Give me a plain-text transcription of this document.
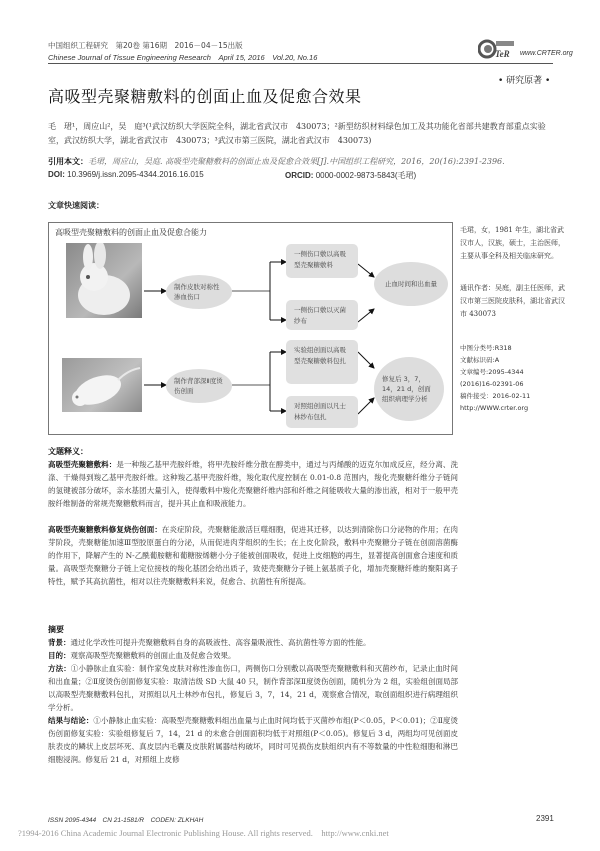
中国组织工程研究　第20卷 第16期　2016－04－15出版
Chinese Journal of Tissue Engineering Research　April 15, 2016　Vol.20, No.16	TeR www.CRTER.org
• 研究原著 •
高吸型壳聚糖敷料的创面止血及促愈合效果
毛　珺¹，周应山²，吴　庭³(¹武汉纺织大学医院全科，湖北省武汉市　430073；²新型纺织材料绿色加工及其功能化省部共建教育部重点实验室，武汉纺织大学，湖北省武汉市　430073；³武汉市第三医院，湖北省武汉市　430073)
引用本文：毛珺，周应山，吴庭. 高吸型壳聚糖敷料的创面止血及促愈合效果[J].中国组织工程研究，2016，20(16):2391-2396.
DOI: 10.3969/j.issn.2095-4344.2016.16.015	ORCID: 0000-0002-9873-5843(毛珺)
文章快速阅读：
高吸型壳聚糖敷料的创面止血及促愈合能力
制作皮肤对称性渗血伤口
一侧伤口敷以高吸型壳聚糖敷料
一侧伤口敷以灭菌纱布
止血时间和出血量
制作背部深Ⅱ度烫伤创面
实验组创面以高吸型壳聚糖敷料包扎
对照组创面以凡士林纱布包扎
修复后 3，7，14，21 d，创面组织病理学分析
毛珺，女，1981 年生，湖北省武汉市人，汉族，硕士，主治医师，主要从事全科及相关临床研究。
通讯作者：吴庭，副主任医师，武汉市第三医院皮肤科，湖北省武汉市 430073
中图分类号:R318
文献标识码:A
文章编号:2095-4344
(2016)16-02391-06
稿件接受：2016-02-11
http://WWW.crter.org
文题释义：
高吸型壳聚糖敷料：是一种羧乙基甲壳胺纤维，将甲壳胺纤维分散在醇类中，通过与丙烯酸的迈克尔加成反应，经分离、洗涤、干燥得到羧乙基甲壳胺纤维。这种羧乙基甲壳胺纤维，羧化取代度控制在 0.01-0.8 范围内，羧化壳聚糖纤维分子链间的氢键被部分破坏，亲水基团大量引入，使得敷料中羧化壳聚糖纤维内部和纤维之间能吸收大量的渗出液，相对于一般甲壳胺纤维制备的常规壳聚糖敷料而言，提升其止血和吸液能力。
高吸型壳聚糖敷料修复烧伤创面：在炎症阶段，壳聚糖能激活巨噬细胞，促进其迁移，以达到清除伤口分泌物的作用；在肉芽阶段，壳聚糖能加速Ⅲ型胶原蛋白的分泌，从而促进肉芽组织的生长；在上皮化阶段，敷料中壳聚糖分子链在创面溶菌酶的作用下，降解产生的 N-乙酰葡胺糖和葡糖胺烯糖小分子能被创面吸收，促进上皮细胞的再生，显著提高创面愈合速度和质量。高吸型壳聚糖分子链上定位接枝的羧化基团会给出质子，致使壳聚糖分子链上氨基质子化，增加壳聚糖纤维的聚阳离子特性，赋予其高抗菌性，相对以往壳聚糖敷料来说，促愈合、抗菌性有所提高。
摘要
背景：通过化学改性可提升壳聚糖敷料自身的高吸液性、高容量吸液性、高抗菌性等方面的性能。
目的：观察高吸型壳聚糖敷料的创面止血及促愈合效果。
方法：①小静脉止血实验：制作家兔皮肤对称性渗血伤口，两侧伤口分别敷以高吸型壳聚糖敷料和灭菌纱布，记录止血时间和出血量；②Ⅱ度烫伤创面修复实验：取清洁级 SD 大鼠 40 只，制作背部深Ⅱ度烫伤创面，随机分为 2 组，实验组创面局部以高吸型壳聚糖敷料包扎，对照组以凡士林纱布包扎，修复后 3，7，14，21 d，观察愈合情况，取创面组织进行病理组织学分析。
结果与结论：①小静脉止血实验：高吸型壳聚糖敷料组出血量与止血时间均低于灭菌纱布组(P＜0.05，P＜0.01)；②Ⅱ度烫伤创面修复实验：实验组修复后 7，14，21 d 的未愈合创面面积均低于对照组(P＜0.05)。修复后 3 d，两组均可见创面皮肤表皮的鳞状上皮层坏死、真皮层内毛囊及皮肤附属器结构破坏，同时可见损伤皮肤组织内有不等数量的中性粒细胞和淋巴细胞浸润。修复后 21 d，对照组上皮修
ISSN 2095-4344　CN 21-1581/R　CODEN: ZLKHAH	2391
?1994-2016 China Academic Journal Electronic Publishing House. All rights reserved.　http://www.cnki.net
